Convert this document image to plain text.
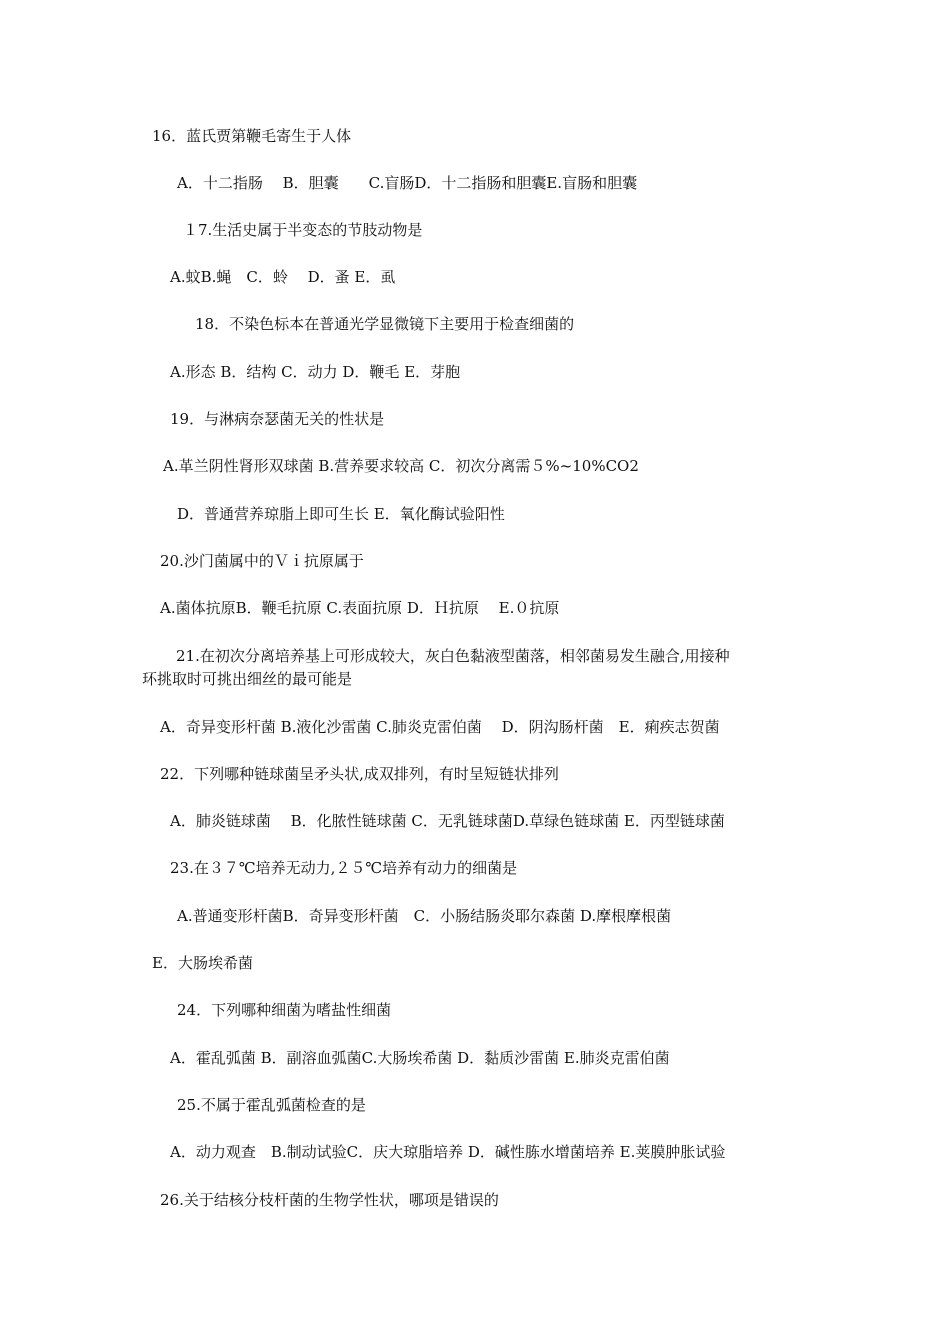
16．蓝氏贾第鞭毛寄生于人体

A．十二指肠　 B．胆囊　　C.盲肠D．十二指肠和胆囊E.盲肠和胆囊

１7.生活史属于半变态的节肢动物是

A.蚊B.蝇　C．蛉　 D．蚤 E．虱

18．不染色标本在普通光学显微镜下主要用于检查细菌的

A.形态 B．结构 C．动力 D．鞭毛 E．芽胞

19．与淋病奈瑟菌无关的性状是

A.革兰阴性肾形双球菌 B.营养要求较高 C．初次分离需５%~10%CO2

D．普通营养琼脂上即可生长 E．氧化酶试验阳性

20.沙门菌属中的Ｖｉ抗原属于

A.菌体抗原B．鞭毛抗原 C.表面抗原 D．Ｈ抗原　 E.０抗原

21.在初次分离培养基上可形成较大，灰白色黏液型菌落，相邻菌易发生融合,用接种

环挑取时可挑出细丝的最可能是

A．奇异变形杆菌 B.液化沙雷菌 C.肺炎克雷伯菌　 D．阴沟肠杆菌　E．痢疾志贺菌

22．下列哪种链球菌呈矛头状,成双排列，有时呈短链状排列

A．肺炎链球菌　 B．化脓性链球菌 C．无乳链球菌D.草绿色链球菌 E．丙型链球菌

23.在３７℃培养无动力,２５℃培养有动力的细菌是

A.普通变形杆菌B．奇异变形杆菌　C．小肠结肠炎耶尔森菌 D.摩根摩根菌

E．大肠埃希菌

24．下列哪种细菌为嗜盐性细菌

A．霍乱弧菌 B．副溶血弧菌C.大肠埃希菌 D．黏质沙雷菌 E.肺炎克雷伯菌

25.不属于霍乱弧菌检查的是

A．动力观查　B.制动试验C．庆大琼脂培养 D．碱性胨水增菌培养 E.荚膜肿胀试验

26.关于结核分枝杆菌的生物学性状，哪项是错误的
